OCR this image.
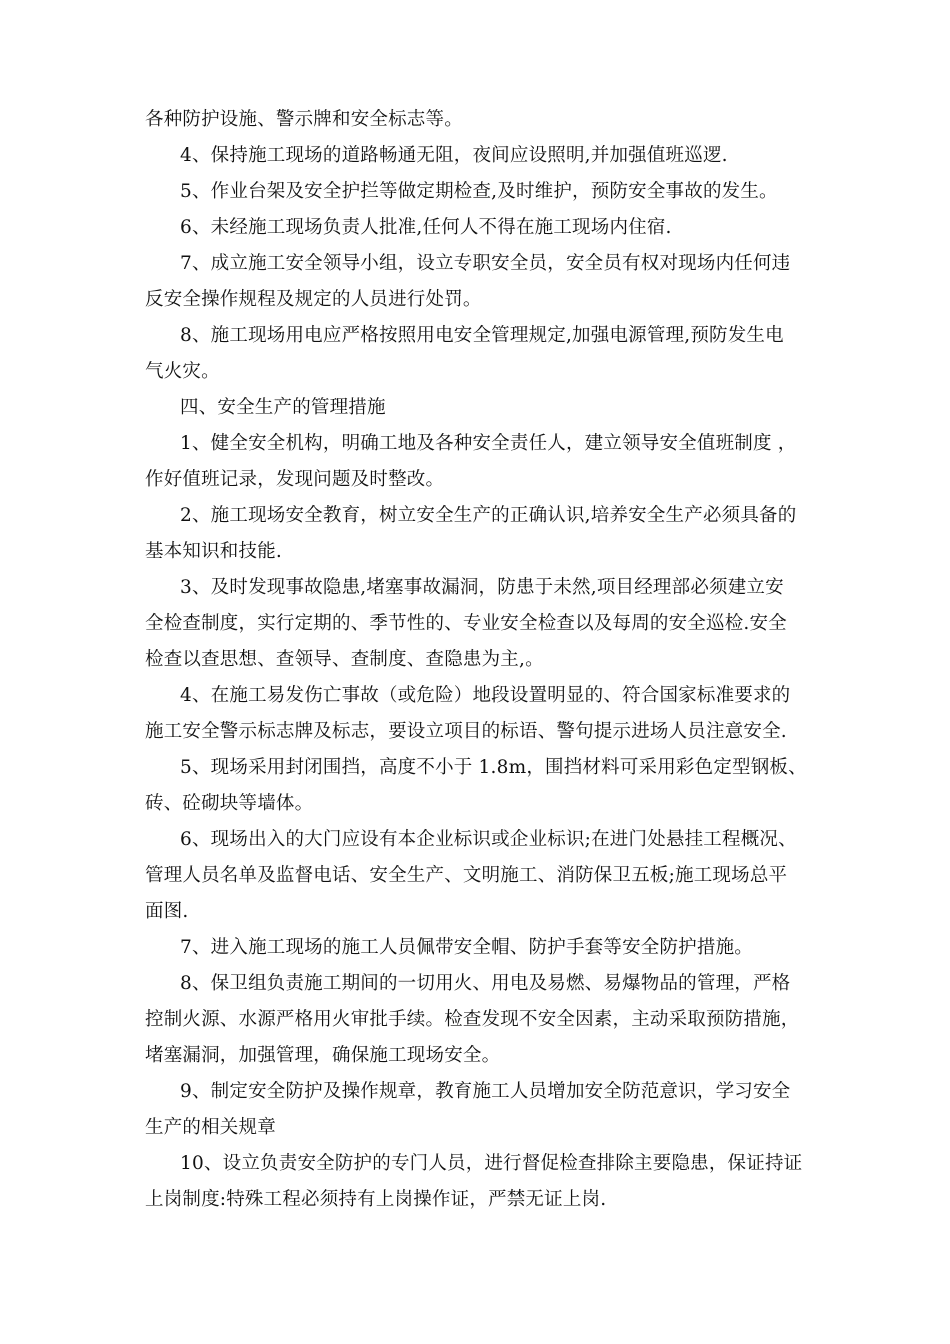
各种防护设施、警示牌和安全标志等。
4、保持施工现场的道路畅通无阻，夜间应设照明,并加强值班巡逻.
5、作业台架及安全护拦等做定期检查,及时维护，预防安全事故的发生。
6、未经施工现场负责人批准,任何人不得在施工现场内住宿.
7、成立施工安全领导小组，设立专职安全员，安全员有权对现场内任何违
反安全操作规程及规定的人员进行处罚。
8、施工现场用电应严格按照用电安全管理规定,加强电源管理,预防发生电
气火灾。
四、安全生产的管理措施
1、健全安全机构，明确工地及各种安全责任人，建立领导安全值班制度 ，
作好值班记录，发现问题及时整改。
2、施工现场安全教育，树立安全生产的正确认识,培养安全生产必须具备的
基本知识和技能.
3、及时发现事故隐患,堵塞事故漏洞，防患于未然,项目经理部必须建立安
全检查制度，实行定期的、季节性的、专业安全检查以及每周的安全巡检.安全
检查以查思想、查领导、查制度、查隐患为主,。
4、在施工易发伤亡事故（或危险）地段设置明显的、符合国家标准要求的
施工安全警示标志牌及标志，要设立项目的标语、警句提示进场人员注意安全.
5、现场采用封闭围挡，高度不小于 1.8m，围挡材料可采用彩色定型钢板、
砖、砼砌块等墙体。
6、现场出入的大门应设有本企业标识或企业标识;在进门处悬挂工程概况、
管理人员名单及监督电话、安全生产、文明施工、消防保卫五板;施工现场总平
面图.
7、进入施工现场的施工人员佩带安全帽、防护手套等安全防护措施。
8、保卫组负责施工期间的一切用火、用电及易燃、易爆物品的管理，严格
控制火源、水源严格用火审批手续。检查发现不安全因素，主动采取预防措施，
堵塞漏洞，加强管理，确保施工现场安全。
9、制定安全防护及操作规章，教育施工人员增加安全防范意识，学习安全
生产的相关规章
10、设立负责安全防护的专门人员，进行督促检查排除主要隐患，保证持证
上岗制度:特殊工程必须持有上岗操作证，严禁无证上岗.
